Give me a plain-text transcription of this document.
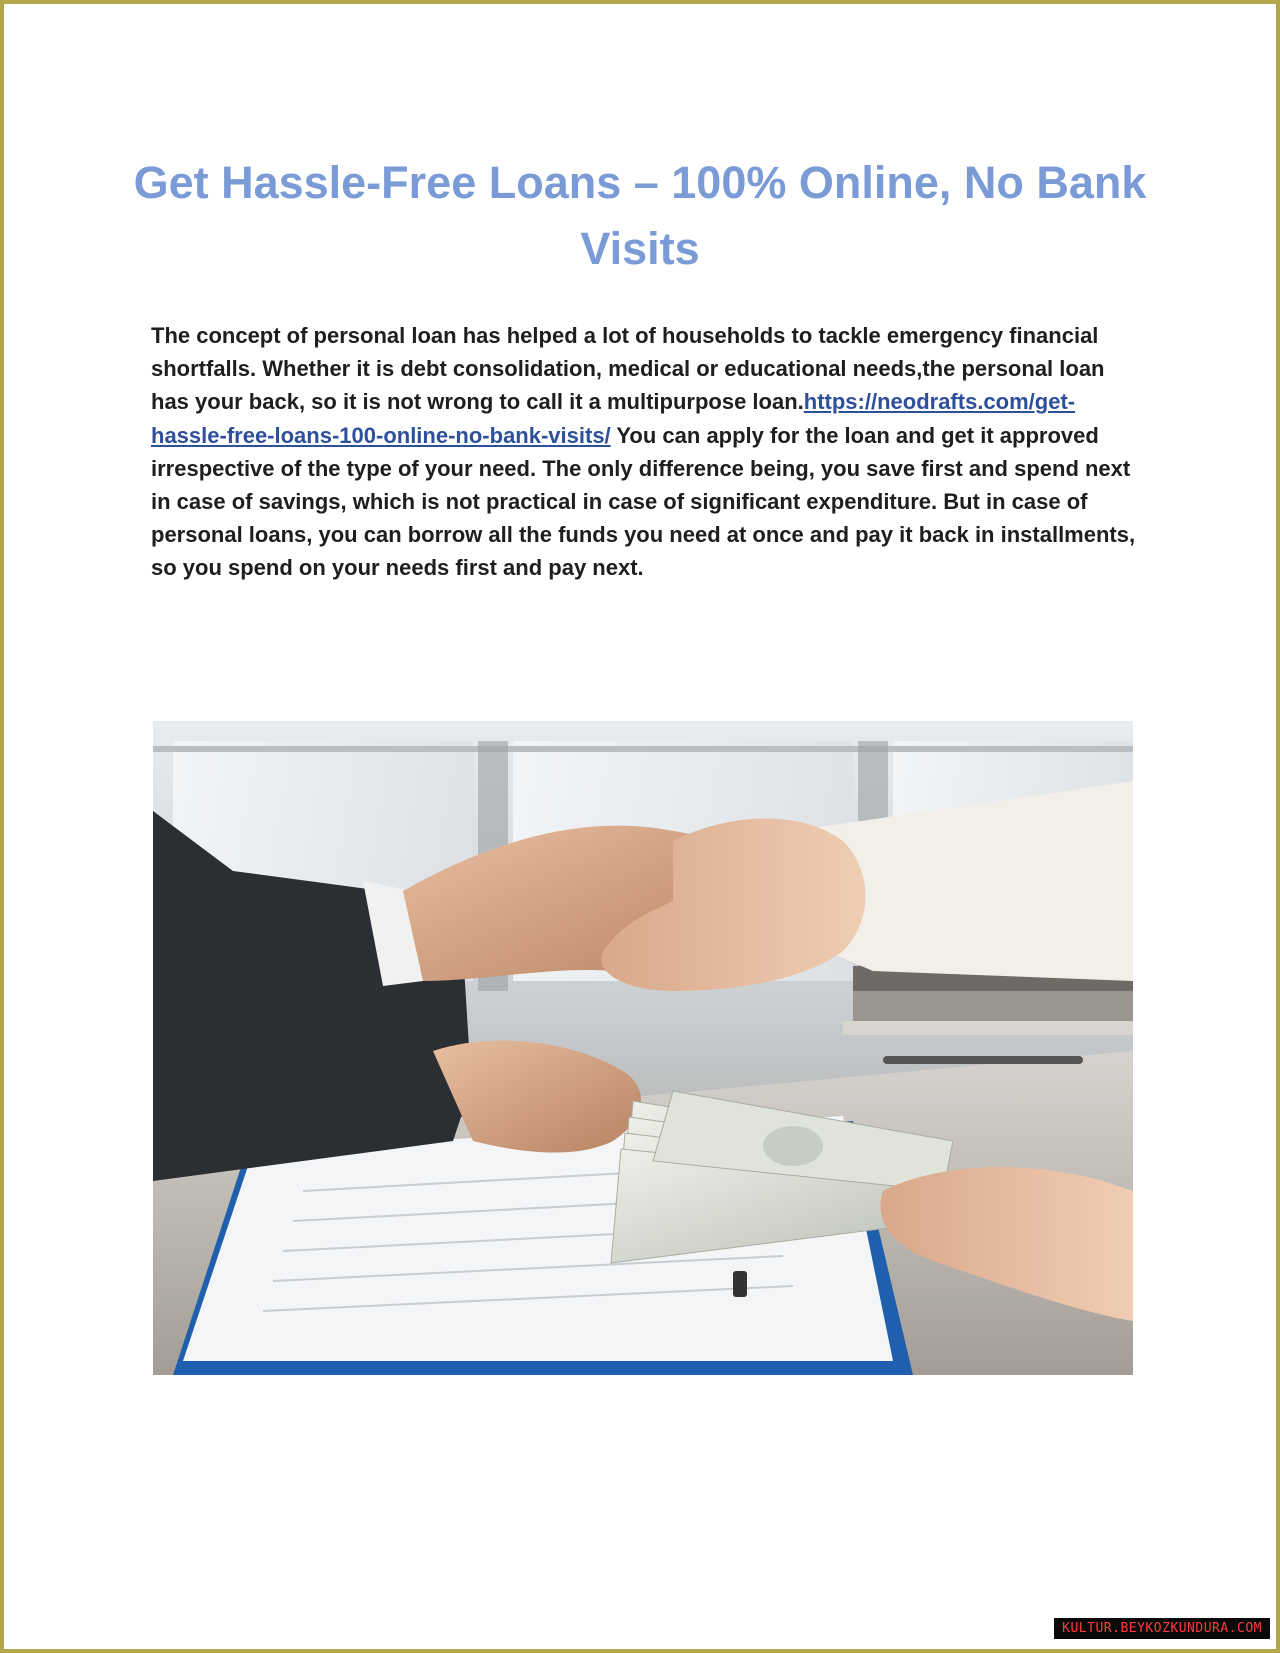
Get Hassle-Free Loans – 100% Online, No Bank Visits

The concept of personal loan has helped a lot of households to tackle emergency financial shortfalls. Whether it is debt consolidation, medical or educational needs,the personal loan has your back, so it is not wrong to call it a multipurpose loan.https://neodrafts.com/get-hassle-free-loans-100-online-no-bank-visits/ You can apply for the loan and get it approved irrespective of the type of your need. The only difference being, you save first and spend next in case of savings, which is not practical in case of significant expenditure. But in case of personal loans, you can borrow all the funds you need at once and pay it back in installments, so you spend on your needs first and pay next.

KULTUR.BEYKOZKUNDURA.COM
